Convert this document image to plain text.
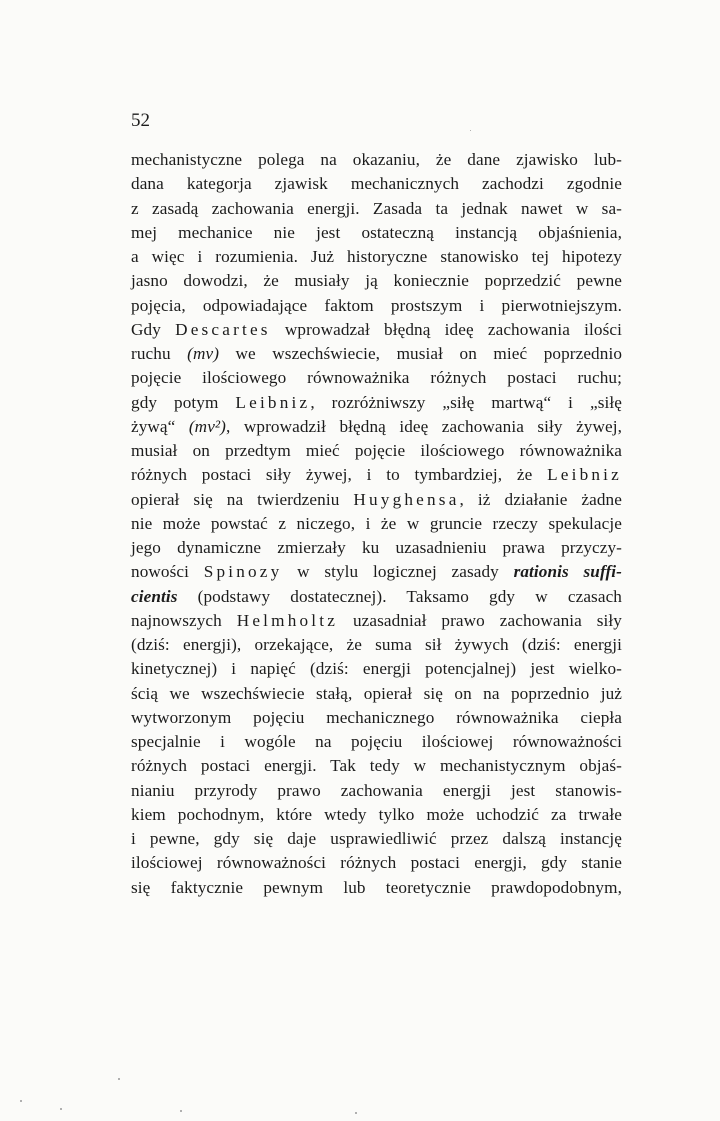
52
mechanistyczne polega na okazaniu, że dane zjawisko lub-
dana kategorja zjawisk mechanicznych zachodzi zgodnie
z zasadą zachowania energji. Zasada ta jednak nawet w sa-
mej mechanice nie jest ostateczną instancją objaśnienia,
a więc i rozumienia. Już historyczne stanowisko tej hipotezy
jasno dowodzi, że musiały ją koniecznie poprzedzić pewne
pojęcia, odpowiadające faktom prostszym i pierwotniejszym.
Gdy Descartes wprowadzał błędną ideę zachowania ilości
ruchu (mv) we wszechświecie, musiał on mieć poprzednio
pojęcie ilościowego równoważnika różnych postaci ruchu;
gdy potym Leibniz, rozróżniwszy „siłę martwą“ i „siłę
żywą“ (mv²), wprowadził błędną ideę zachowania siły żywej,
musiał on przedtym mieć pojęcie ilościowego równoważnika
różnych postaci siły żywej, i to tymbardziej, że Leibniz
opierał się na twierdzeniu Huyghensa, iż działanie żadne
nie może powstać z niczego, i że w gruncie rzeczy spekulacje
jego dynamiczne zmierzały ku uzasadnieniu prawa przyczy-
nowości Spinozy w stylu logicznej zasady rationis suffi-
cientis (podstawy dostatecznej). Taksamo gdy w czasach
najnowszych Helmholtz uzasadniał prawo zachowania siły
(dziś: energji), orzekające, że suma sił żywych (dziś: energji
kinetycznej) i napięć (dziś: energji potencjalnej) jest wielko-
ścią we wszechświecie stałą, opierał się on na poprzednio już
wytworzonym pojęciu mechanicznego równoważnika ciepła
specjalnie i wogóle na pojęciu ilościowej równoważności
różnych postaci energji. Tak tedy w mechanistycznym objaś-
nianiu przyrody prawo zachowania energji jest stanowis-
kiem pochodnym, które wtedy tylko może uchodzić za trwałe
i pewne, gdy się daje usprawiedliwić przez dalszą instancję
ilościowej równoważności różnych postaci energji, gdy stanie
się faktycznie pewnym lub teoretycznie prawdopodobnym,
